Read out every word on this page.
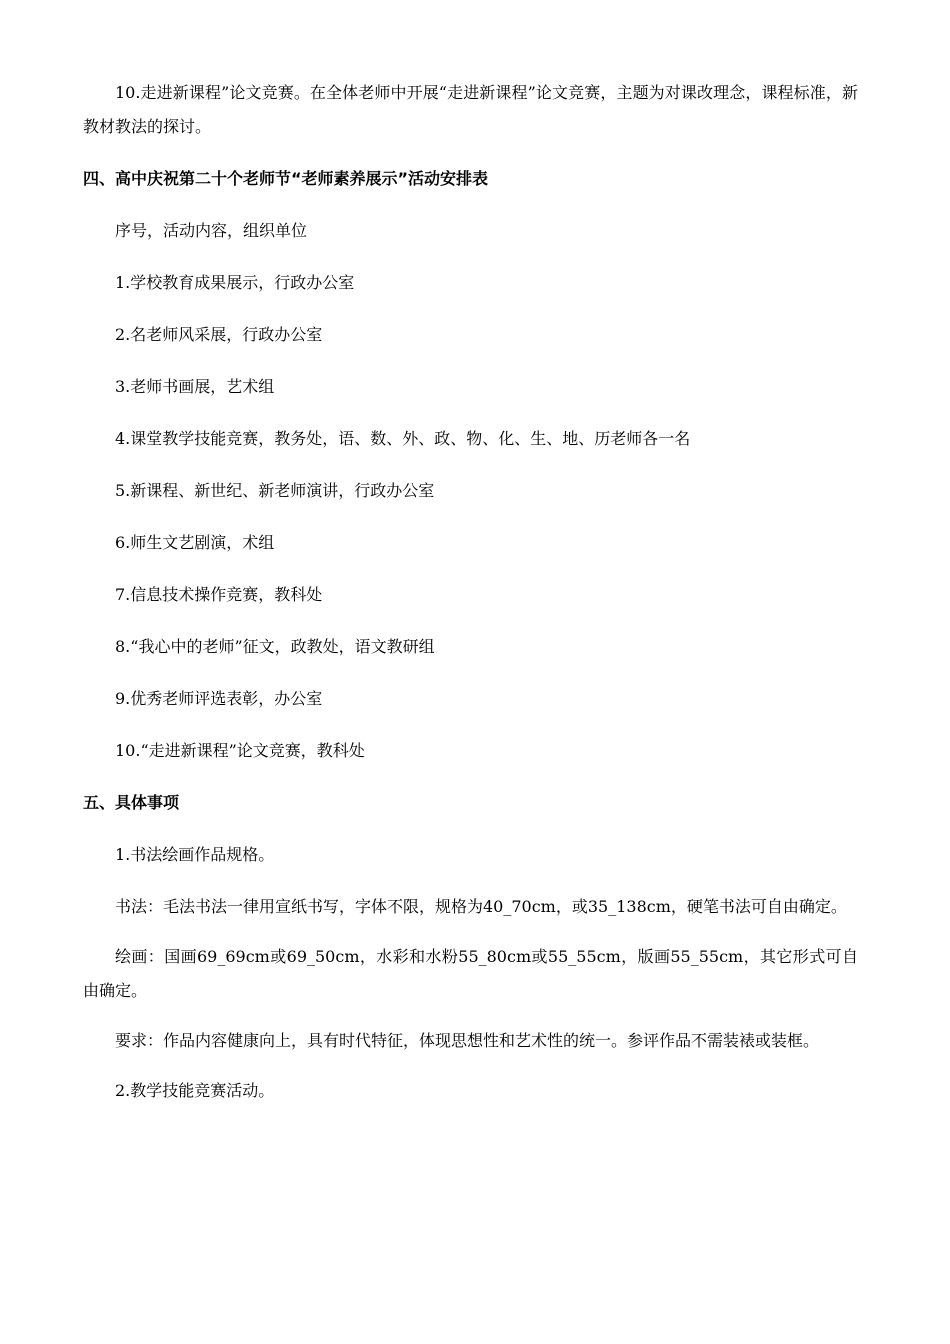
10.走进新课程”论文竞赛。在全体老师中开展“走进新课程”论文竞赛，主题为对课改理念，课程标准，新教材教法的探讨。

四、高中庆祝第二十个老师节“老师素养展示”活动安排表

序号，活动内容，组织单位

1.学校教育成果展示，行政办公室

2.名老师风采展，行政办公室

3.老师书画展，艺术组

4.课堂教学技能竞赛，教务处，语、数、外、政、物、化、生、地、历老师各一名

5.新课程、新世纪、新老师演讲，行政办公室

6.师生文艺剧演，术组

7.信息技术操作竞赛，教科处

8.“我心中的老师”征文，政教处，语文教研组

9.优秀老师评选表彰，办公室

10.“走进新课程”论文竞赛，教科处

五、具体事项

1.书法绘画作品规格。

书法：毛法书法一律用宣纸书写，字体不限，规格为40_70cm，或35_138cm，硬笔书法可自由确定。

绘画：国画69_69cm或69_50cm，水彩和水粉55_80cm或55_55cm，版画55_55cm，其它形式可自由确定。

要求：作品内容健康向上，具有时代特征，体现思想性和艺术性的统一。参评作品不需装裱或装框。

2.教学技能竞赛活动。
